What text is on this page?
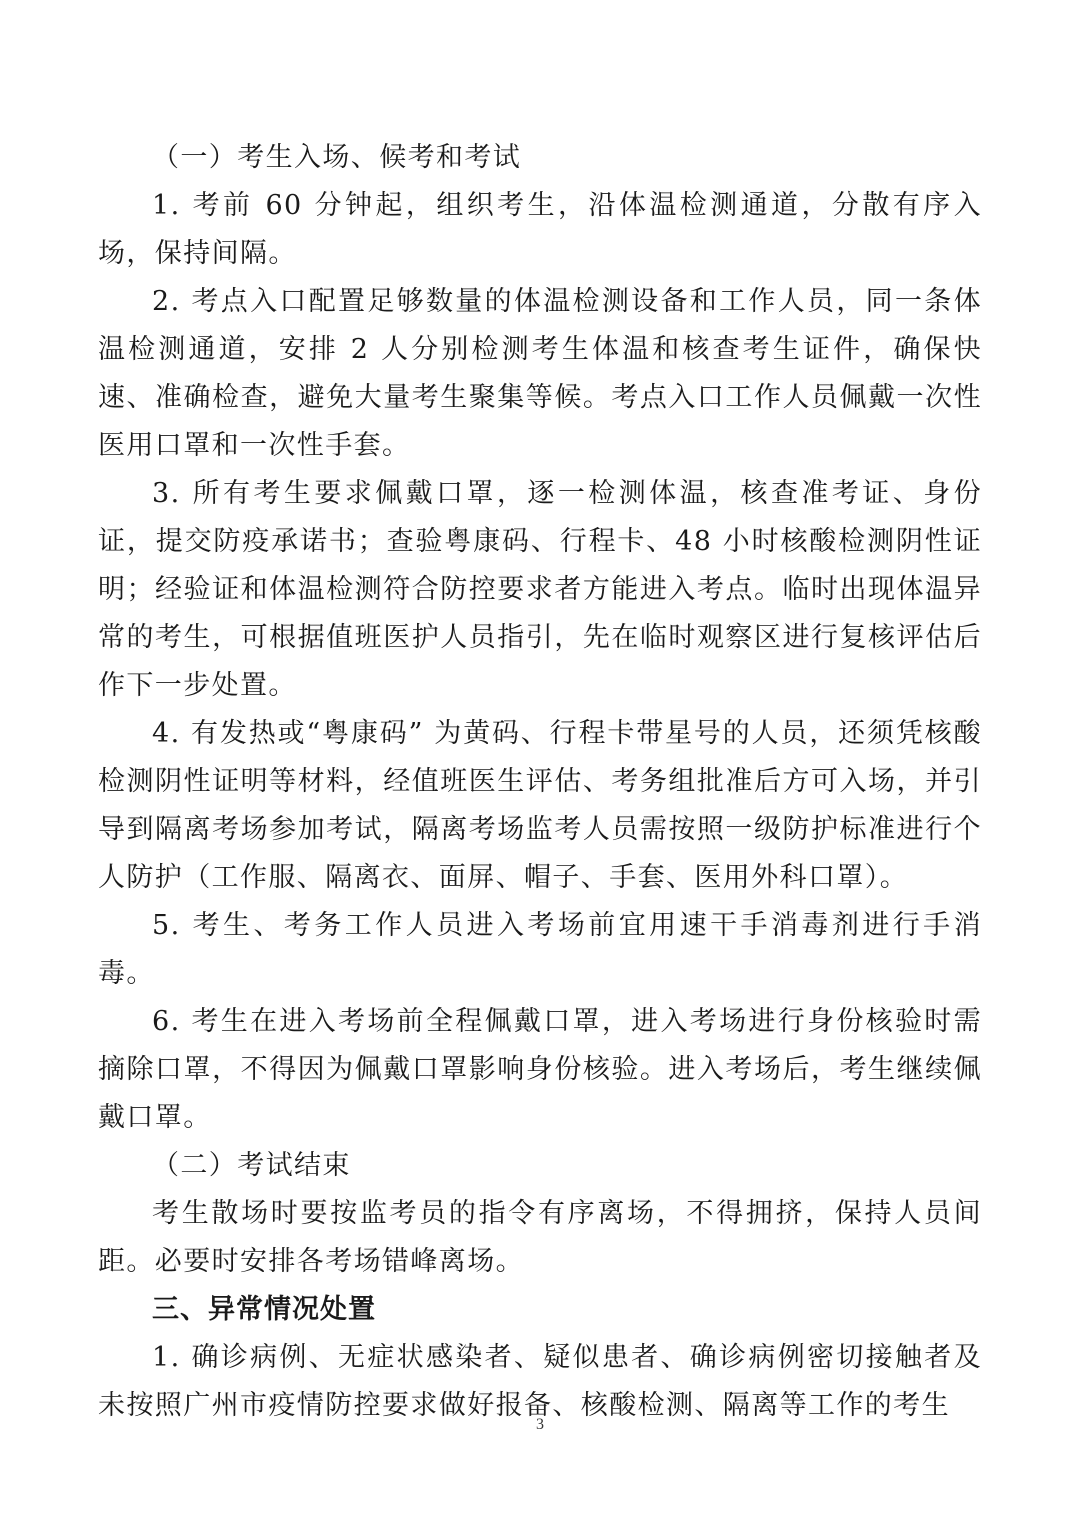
（一）考生入场、候考和考试

1. 考前 60 分钟起，组织考生，沿体温检测通道，分散有序入场，保持间隔。

2. 考点入口配置足够数量的体温检测设备和工作人员，同一条体温检测通道，安排 2 人分别检测考生体温和核查考生证件，确保快速、准确检查，避免大量考生聚集等候。考点入口工作人员佩戴一次性医用口罩和一次性手套。

3. 所有考生要求佩戴口罩，逐一检测体温，核查准考证、身份证，提交防疫承诺书；查验粤康码、行程卡、48 小时核酸检测阴性证明；经验证和体温检测符合防控要求者方能进入考点。临时出现体温异常的考生，可根据值班医护人员指引，先在临时观察区进行复核评估后作下一步处置。

4. 有发热或“粤康码” 为黄码、行程卡带星号的人员，还须凭核酸检测阴性证明等材料，经值班医生评估、考务组批准后方可入场，并引导到隔离考场参加考试，隔离考场监考人员需按照一级防护标准进行个人防护（工作服、隔离衣、面屏、帽子、手套、医用外科口罩）。

5. 考生、考务工作人员进入考场前宜用速干手消毒剂进行手消毒。

6. 考生在进入考场前全程佩戴口罩，进入考场进行身份核验时需摘除口罩，不得因为佩戴口罩影响身份核验。进入考场后，考生继续佩戴口罩。

（二）考试结束

考生散场时要按监考员的指令有序离场，不得拥挤，保持人员间距。必要时安排各考场错峰离场。

三、异常情况处置

1. 确诊病例、无症状感染者、疑似患者、确诊病例密切接触者及未按照广州市疫情防控要求做好报备、核酸检测、隔离等工作的考生

3
